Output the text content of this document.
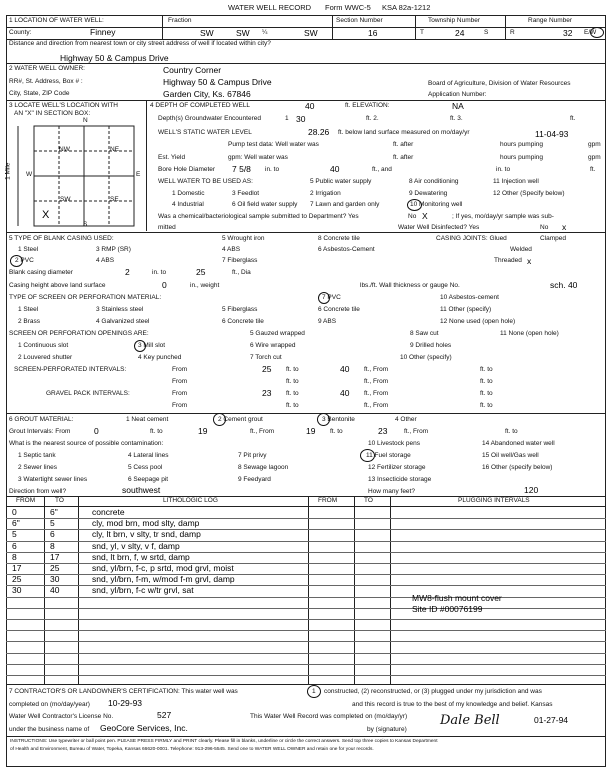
WATER WELL RECORD Form WWC-5 KSA 82a-1212
1 LOCATION OF WATER WELL:
County:	Finney
Fraction
SW	SW ¼	SW
Section Number
16
Township Number
T	24	S
Range Number
R	32 E/W
Distance and direction from nearest town or city street address of well if located within city?
Highway 50 & Campus Drive
2 WATER WELL OWNER:	Country Corner
RR#, St. Address, Box # :	Highway 50 & Campus Drive	Board of Agriculture, Division of Water Resources
City, State, ZIP Code	Garden City, Ks. 67846	Application Number:
3 LOCATE WELL'S LOCATION WITH
AN "X" IN SECTION BOX:
N
NW	NE
W	E
SW	SE
S
1 Mile
X
4 DEPTH OF COMPLETED WELL	40	ft. ELEVATION:	NA
Depth(s) Groundwater Encountered	1 30	ft. 2.	ft. 3.	ft.
WELL'S STATIC WATER LEVEL	28.26 ft. below land surface measured on mo/day/yr	11-04-93
Pump test data: Well water was	ft. after	hours pumping	gpm
Est. Yield	gpm: Well water was	ft. after	hours pumping	gpm
Bore Hole Diameter 7 5/8 in. to	40	ft., and	in. to	ft.
WELL WATER TO BE USED AS:	5 Public water supply	8 Air conditioning	11 Injection well
1 Domestic	3 Feedlot	2 Irrigation	9 Dewatering	12 Other (Specify below)
4 Industrial	6 Oil field water supply 7 Lawn and garden only	10 Monitoring well
Was a chemical/bacteriological sample submitted to Department? Yes	No X	; If yes, mo/day/yr sample was sub-
mitted	Water Well Disinfected? Yes	No x
5 TYPE OF BLANK CASING USED:	5 Wrought iron	8 Concrete tile	CASING JOINTS: Glued	Clamped
1 Steel	3 RMP (SR)	4 ABS	6 Asbestos-Cement	Welded
2 PVC	4 ABS	7 Fiberglass	Threaded x
Blank casing diameter	2	in. to	25	ft., Dia
Casing height above land surface	0	in., weight	lbs./ft. Wall thickness or gauge No.	sch. 40
TYPE OF SCREEN OR PERFORATION MATERIAL:	7 PVC	10 Asbestos-cement
1 Steel	3 Stainless steel	5 Fiberglass	6 Concrete tile	11 Other (specify)
2 Brass	4 Galvanized steel	6 Concrete tile	9 ABS	12 None used (open hole)
SCREEN OR PERFORATION OPENINGS ARE:	5 Gauzed wrapped	8 Saw cut	11 None (open hole)
1 Continuous slot	3 Mill slot	6 Wire wrapped	9 Drilled holes
2 Louvered shutter	4 Key punched	7 Torch cut	10 Other (specify)
SCREEN-PERFORATED INTERVALS:	From	25 ft. to	40 ft., From	ft. to
From	ft. to	ft., From	ft. to
GRAVEL PACK INTERVALS:	From	23 ft. to	40 ft., From	ft. to
From	ft. to	ft., From	ft. to
6 GROUT MATERIAL:	1 Neat cement	2 Cement grout	3 Bentonite	4 Other
Grout Intervals: From	0	ft. to	19	ft., From	19 ft. to	23	ft., From	ft. to
What is the nearest source of possible contamination:	10 Livestock pens	14 Abandoned water well
1 Septic tank	4 Lateral lines	7 Pit privy	11 Fuel storage	15 Oil well/Gas well
2 Sewer lines	5 Cess pool	8 Sewage lagoon	12 Fertilizer storage	16 Other (specify below)
3 Watertight sewer lines	6 Seepage pit	9 Feedyard	13 Insecticide storage
Direction from well?	southwest	How many feet?	120
FROM	TO	LITHOLOGIC LOG	FROM	TO	PLUGGING INTERVALS
0	6"	concrete
6"	5	cly, mod brn, mod slty, damp
5	6	cly, lt brn, v slty, tr snd, damp
6	8	snd, yl, v slty, v f, damp
8	17	snd, lt brn, f, w srtd, damp
17	25	snd, yl/brn, f-c, p srtd, mod grvl, moist
25	30	snd, yl/brn, f-m, w/mod f-m grvl, damp
30	40	snd, yl/brn, f-c w/tr grvl, sat
MW8-flush mount cover
Site ID #00076199
7 CONTRACTOR'S OR LANDOWNER'S CERTIFICATION: This water well was	1 constructed, (2) reconstructed, or (3) plugged under my jurisdiction and was
completed on (mo/day/year) 10-29-93	and this record is true to the best of my knowledge and belief. Kansas
Water Well Contractor's License No.	527	This Water Well Record was completed on (mo/day/yr)	01-27-94
under the business name of GeoCore Services, Inc.	by (signature)
Dale Bell
INSTRUCTIONS: Use typewriter or ball point pen. PLEASE PRESS FIRMLY and PRINT clearly. Please fill in blanks, underline or circle the correct answers. Send top three copies to Kansas Department
of Health and Environment, Bureau of Water, Topeka, Kansas 66620-0001. Telephone: 913-296-5545. Send one to WATER WELL OWNER and retain one for your records.
